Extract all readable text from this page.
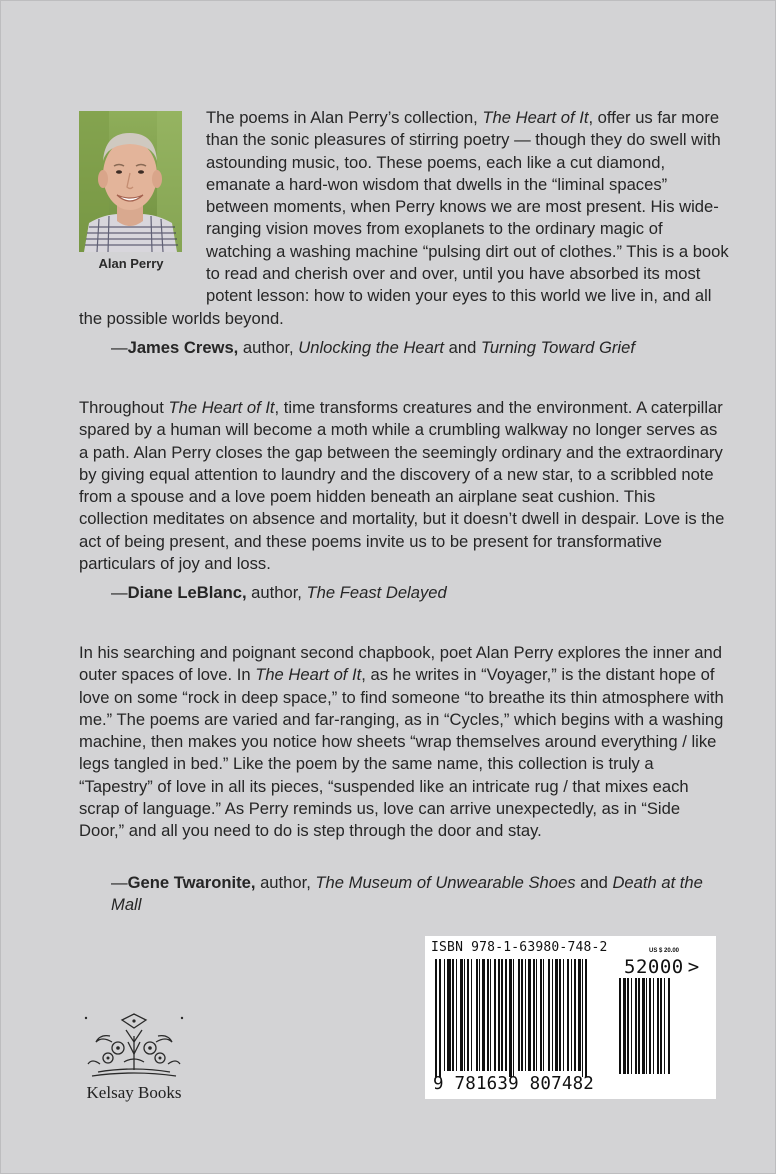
Alan Perry
The poems in Alan Perry’s collection, The Heart of It, offer us far more than the sonic pleasures of stirring poetry — though they do swell with astounding music, too. These poems, each like a cut diamond, emanate a hard-won wisdom that dwells in the “liminal spaces” between moments, when Perry knows we are most present. His wide-ranging vision moves from exoplanets to the ordinary magic of watching a washing machine “pulsing dirt out of clothes.” This is a book to read and cherish over and over, until you have absorbed its most potent lesson: how to widen your eyes to this world we live in, and all the possible worlds beyond.
—James Crews, author, Unlocking the Heart and Turning Toward Grief
Throughout The Heart of It, time transforms creatures and the environment. A caterpillar spared by a human will become a moth while a crumbling walkway no longer serves as a path. Alan Perry closes the gap between the seemingly ordinary and the extraordinary by giving equal attention to laundry and the discovery of a new star, to a scribbled note from a spouse and a love poem hidden beneath an airplane seat cushion. This collection meditates on absence and mortality, but it doesn’t dwell in despair. Love is the act of being present, and these poems invite us to be present for transformative particulars of joy and loss.
—Diane LeBlanc, author, The Feast Delayed
In his searching and poignant second chapbook, poet Alan Perry explores the inner and outer spaces of love. In The Heart of It, as he writes in “Voyager,” is the distant hope of love on some “rock in deep space,” to find someone “to breathe its thin atmosphere with me.” The poems are varied and far-ranging, as in “Cycles,” which begins with a washing machine, then makes you notice how sheets “wrap themselves around everything / like legs tangled in bed.” Like the poem by the same name, this collection is truly a “Tapestry” of love in all its pieces, “suspended like an intricate rug / that mixes each scrap of language.” As Perry reminds us, love can arrive unexpectedly, as in “Side Door,” and all you need to do is step through the door and stay.
—Gene Twaronite, author, The Museum of Unwearable Shoes and Death at the Mall
Kelsay Books
ISBN 978-1-63980-748-2	US $ 20.00
52000 >
9 781639 807482
